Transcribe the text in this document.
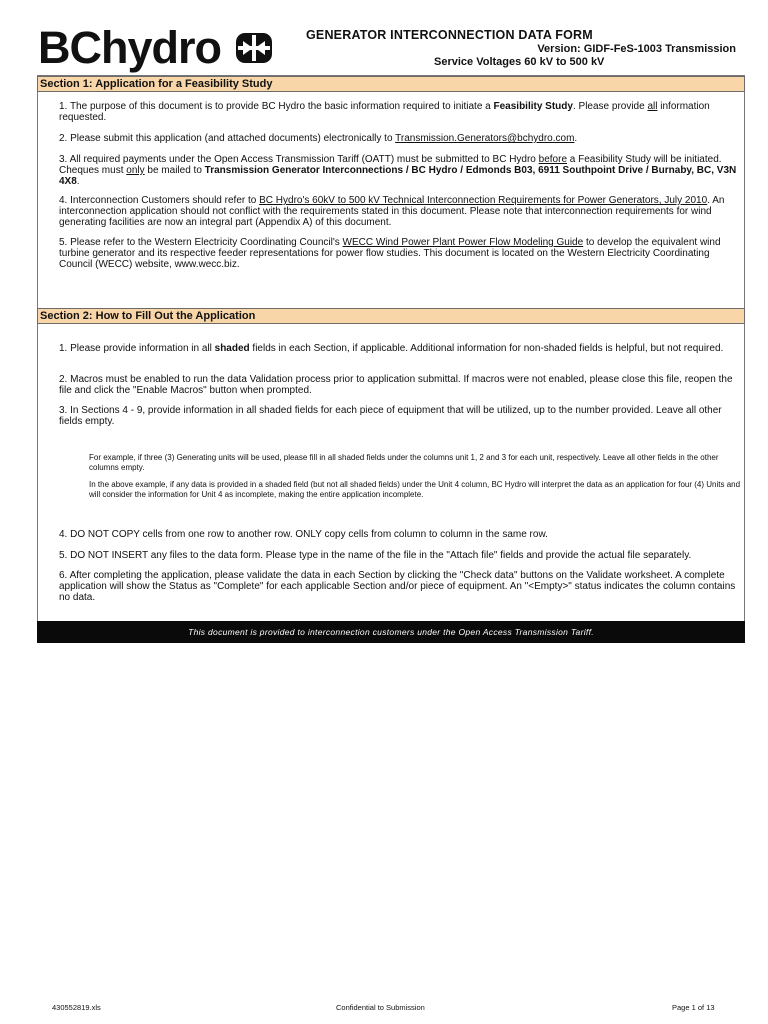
BChydro	GENERATOR INTERCONNECTION DATA FORM
Version: GIDF-FeS-1003 Transmission
Service Voltages 60 kV to 500 kV
Section 1: Application for a Feasibility Study
1. The purpose of this document is to provide BC Hydro the basic information required to initiate a Feasibility Study. Please provide all information requested.
2. Please submit this application (and attached documents) electronically to Transmission.Generators@bchydro.com.
3. All required payments under the Open Access Transmission Tariff (OATT) must be submitted to BC Hydro before a Feasibility Study will be initiated. Cheques must only be mailed to Transmission Generator Interconnections / BC Hydro / Edmonds B03, 6911 Southpoint Drive / Burnaby, BC, V3N 4X8.
4. Interconnection Customers should refer to BC Hydro's 60kV to 500 kV Technical Interconnection Requirements for Power Generators, July 2010. An interconnection application should not conflict with the requirements stated in this document. Please note that interconnection requirements for wind generating facilities are now an integral part (Appendix A) of this document.
5. Please refer to the Western Electricity Coordinating Council's WECC Wind Power Plant Power Flow Modeling Guide to develop the equivalent wind turbine generator and its respective feeder representations for power flow studies. This document is located on the Western Electricity Coordinating Council (WECC) website, www.wecc.biz.
Section 2: How to Fill Out the Application
1. Please provide information in all shaded fields in each Section, if applicable. Additional information for non-shaded fields is helpful, but not required.
2. Macros must be enabled to run the data Validation process prior to application submittal. If macros were not enabled, please close this file, reopen the file and click the "Enable Macros" button when prompted.
3. In Sections 4 - 9, provide information in all shaded fields for each piece of equipment that will be utilized, up to the number provided. Leave all other fields empty.
For example, if three (3) Generating units will be used, please fill in all shaded fields under the columns unit 1, 2 and 3 for each unit, respectively. Leave all other fields in the other columns empty.
In the above example, if any data is provided in a shaded field (but not all shaded fields) under the Unit 4 column, BC Hydro will interpret the data as an application for four (4) Units and will consider the information for Unit 4 as incomplete, making the entire application incomplete.
4. DO NOT COPY cells from one row to another row. ONLY copy cells from column to column in the same row.
5. DO NOT INSERT any files to the data form. Please type in the name of the file in the "Attach file" fields and provide the actual file separately.
6. After completing the application, please validate the data in each Section by clicking the "Check data" buttons on the Validate worksheet. A complete application will show the Status as "Complete" for each applicable Section and/or piece of equipment. An "<Empty>" status indicates the column contains no data.
This document is provided to interconnection customers under the Open Access Transmission Tariff.
430552819.xls	Confidential to Submission	Page 1 of 13
